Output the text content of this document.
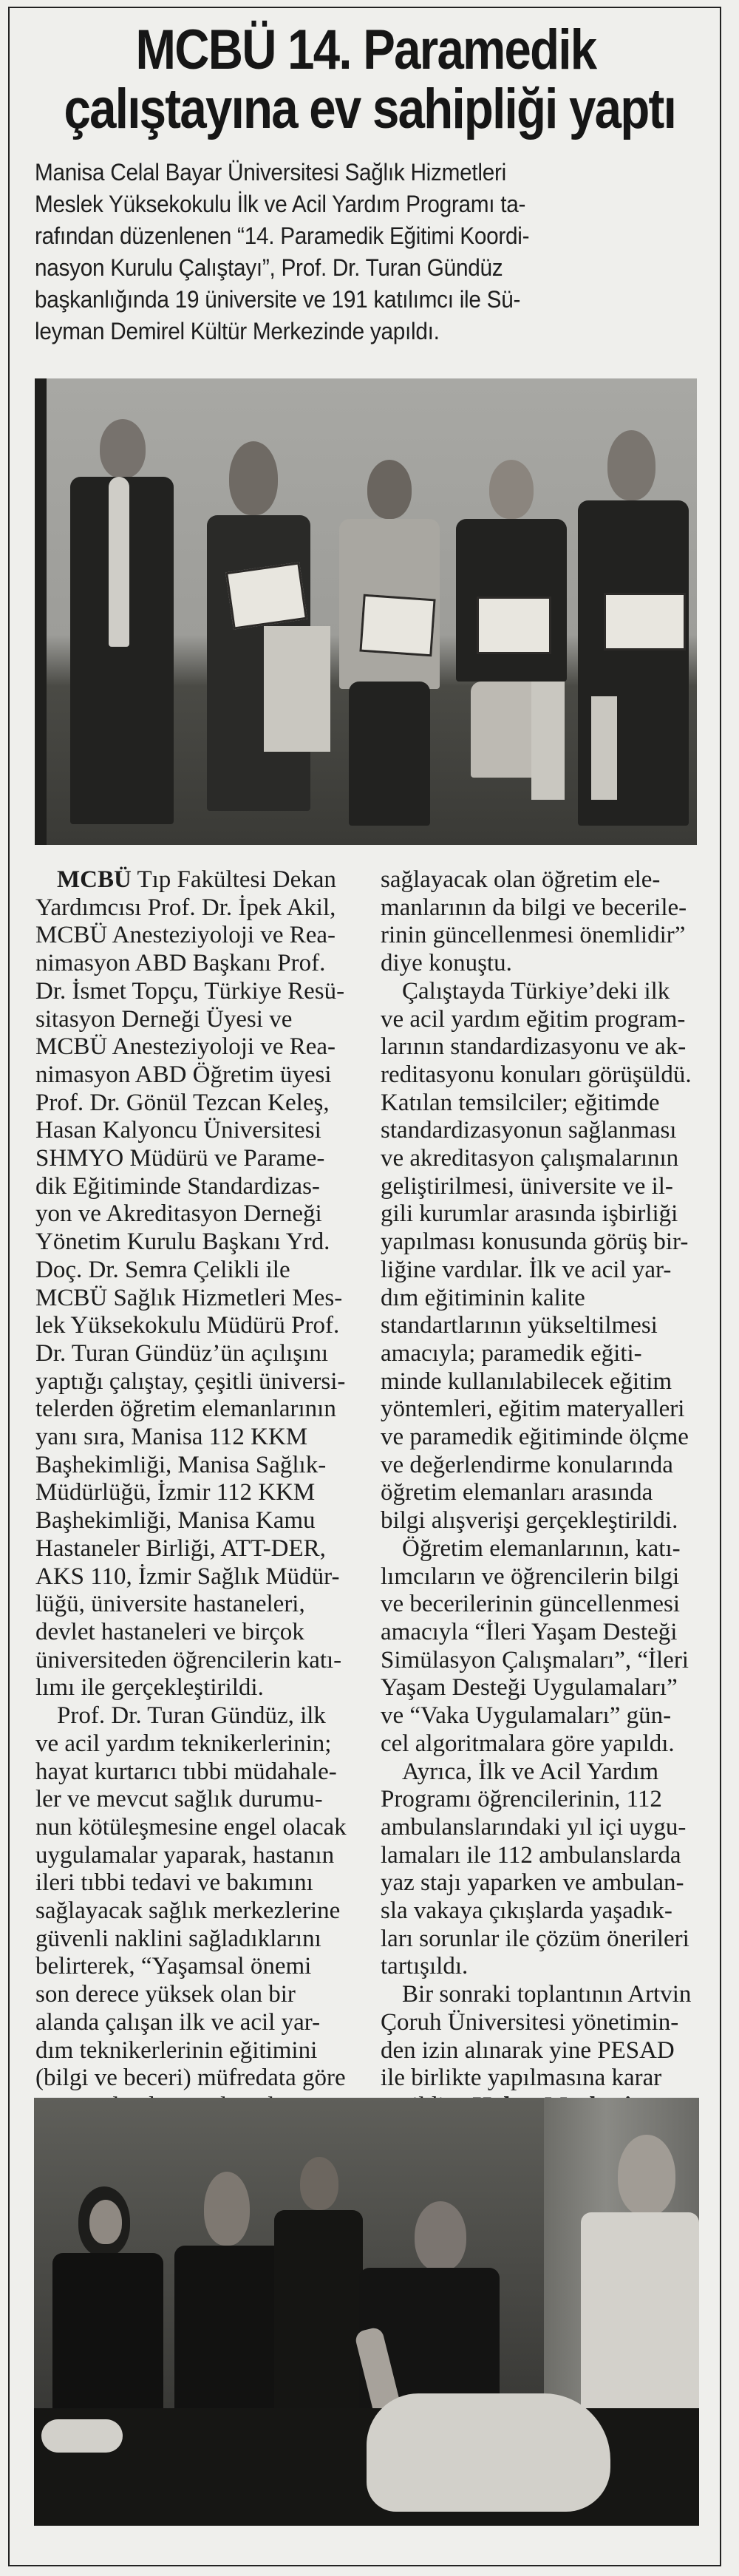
MCBÜ 14. Paramedik
çalıştayına ev sahipliği yaptı
Manisa Celal Bayar Üniversitesi Sağlık Hizmetleri
Meslek Yüksekokulu İlk ve Acil Yardım Programı ta-
rafından düzenlenen “14. Paramedik Eğitimi Koordi-
nasyon Kurulu Çalıştayı”, Prof. Dr. Turan Gündüz
başkanlığında 19 üniversite ve 191 katılımcı ile Sü-
leyman Demirel Kültür Merkezinde yapıldı.
MCBÜ Tıp Fakültesi Dekan
Yardımcısı Prof. Dr. İpek Akil,
MCBÜ Anesteziyoloji ve Rea-
nimasyon ABD Başkanı Prof.
Dr. İsmet Topçu, Türkiye Resü-
sitasyon Derneği Üyesi ve
MCBÜ Anesteziyoloji ve Rea-
nimasyon ABD Öğretim üyesi
Prof. Dr. Gönül Tezcan Keleş,
Hasan Kalyoncu Üniversitesi
SHMYO Müdürü ve Parame-
dik Eğitiminde Standardizas-
yon ve Akreditasyon Derneği
Yönetim Kurulu Başkanı Yrd.
Doç. Dr. Semra Çelikli ile
MCBÜ Sağlık Hizmetleri Mes-
lek Yüksekokulu Müdürü Prof.
Dr. Turan Gündüz’ün açılışını
yaptığı çalıştay, çeşitli üniversi-
telerden öğretim elemanlarının
yanı sıra, Manisa 112 KKM
Başhekimliği, Manisa Sağlık-
Müdürlüğü, İzmir 112 KKM
Başhekimliği, Manisa Kamu
Hastaneler Birliği, ATT-DER,
AKS 110, İzmir Sağlık Müdür-
lüğü, üniversite hastaneleri,
devlet hastaneleri ve birçok
üniversiteden öğrencilerin katı-
lımı ile gerçekleştirildi.
Prof. Dr. Turan Gündüz, ilk
ve acil yardım teknikerlerinin;
hayat kurtarıcı tıbbi müdahale-
ler ve mevcut sağlık durumu-
nun kötüleşmesine engel olacak
uygulamalar yaparak, hastanın
ileri tıbbi tedavi ve bakımını
sağlayacak sağlık merkezlerine
güvenli naklini sağladıklarını
belirterek, “Yaşamsal önemi
son derece yüksek olan bir
alanda çalışan ilk ve acil yar-
dım teknikerlerinin eğitimini
(bilgi ve beceri) müfredata göre
sağlayacak olan öğretim ele-
manlarının da bilgi ve becerile-
rinin güncellenmesi önemlidir”
diye konuştu.
Çalıştayda Türkiye’deki ilk
ve acil yardım eğitim program-
larının standardizasyonu ve ak-
reditasyonu konuları görüşüldü.
Katılan temsilciler; eğitimde
standardizasyonun sağlanması
ve akreditasyon çalışmalarının
geliştirilmesi, üniversite ve il-
gili kurumlar arasında işbirliği
yapılması konusunda görüş bir-
liğine vardılar. İlk ve acil yar-
dım eğitiminin kalite
standartlarının yükseltilmesi
amacıyla; paramedik eğiti-
minde kullanılabilecek eğitim
yöntemleri, eğitim materyalleri
ve paramedik eğitiminde ölçme
ve değerlendirme konularında
öğretim elemanları arasında
bilgi alışverişi gerçekleştirildi.
Öğretim elemanlarının, katı-
lımcıların ve öğrencilerin bilgi
ve becerilerinin güncellenmesi
amacıyla “İleri Yaşam Desteği
Simülasyon Çalışmaları”, “İleri
Yaşam Desteği Uygulamaları”
ve “Vaka Uygulamaları” gün-
cel algoritmalara göre yapıldı.
Ayrıca, İlk ve Acil Yardım
Programı öğrencilerinin, 112
ambulanslarındaki yıl içi uygu-
lamaları ile 112 ambulanslarda
yaz stajı yaparken ve ambulan-
sla vakaya çıkışlarda yaşadık-
ları sorunlar ile çözüm önerileri
tartışıldı.
Bir sonraki toplantının Artvin
Çoruh Üniversitesi yönetimin-
den izin alınarak yine PESAD
ile birlikte yapılmasına karar
